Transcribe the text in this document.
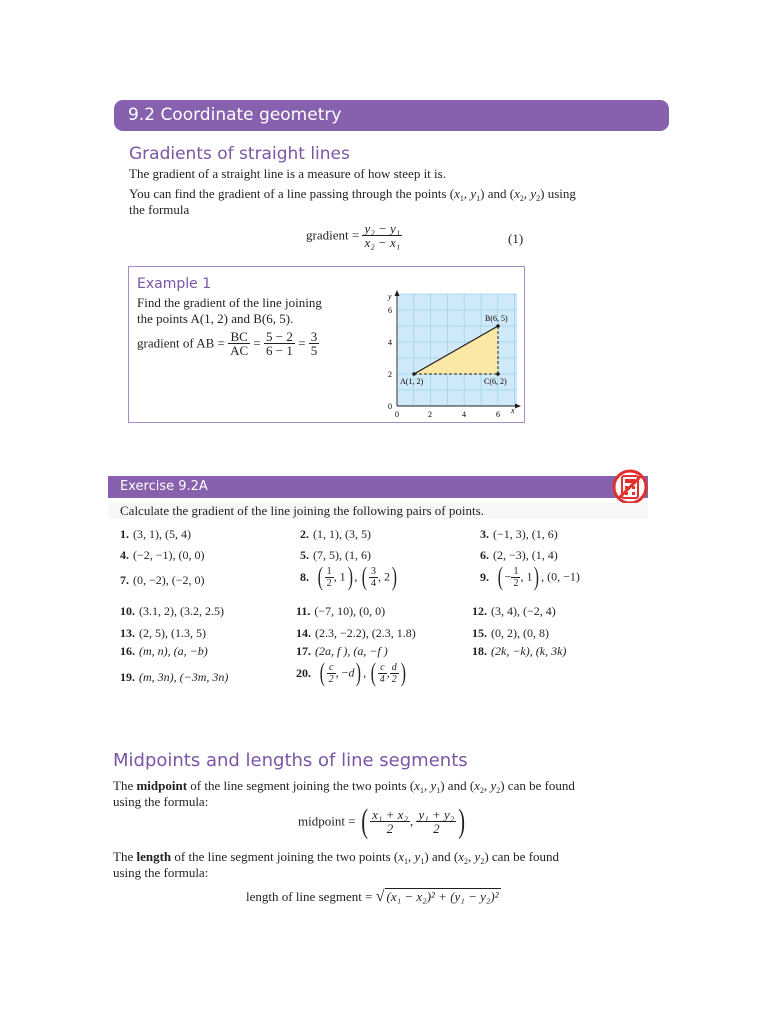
9.2 Coordinate geometry
Gradients of straight lines
The gradient of a straight line is a measure of how steep it is.
You can find the gradient of a line passing through the points ($x_1$, $y_1$) and ($x_2$, $y_2$) using
the formula
gradient = $\frac{\text{y₂ − y₁}}{\text{x₂ − x₁}}$	(1)
Example 1
Find the gradient of the line joining
the points A(1, 2) and B(6, 5).
gradient of AB = $\frac{BC}{AC} = \frac{5 - 2}{6 - 1} = \frac{3}{5}$
y
x
0
2
4
6
0	2	4	6
A(1, 2)
B(6, 5)
C(6, 2)
Exercise 9.2A
Calculate the gradient of the line joining the following pairs of points.
1. (3, 1), (5, 4)	2. (1, 1), (3, 5)	3. (−1, 3), (1, 6)
4. (−2, −1), (0, 0)	5. (7, 5), (1, 6)	6. (2, −3), (1, 4)
7. (0, −2), (−2, 0)	8. ( $\frac{1}{2}$ , 1) , ( $\frac{3}{4}$ , 2)	9. ( − $\frac{1}{2}$ , 1) , (0, −1)
10. (3.1, 2), (3.2, 2.5)	11. (−7, 10), (0, 0)	12. (3, 4), (−2, 4)
13. (2, 5), (1.3, 5)	14. (2.3, −2.2), (2.3, 1.8)	15. (0, 2), (0, 8)
16. (m, n), (a, −b)	17. (2a, f ), (a, −f )	18. (2k, −k), (k, 3k)
19. (m, 3n), (−3m, 3n)	20. ( $\frac{c}{2}$ , −d) , ( $\frac{c}{4}$ , $\frac{d}{2}$ )
Midpoints and lengths of line segments
The midpoint of the line segment joining the two points ($x_1$, $y_1$) and ($x_2$, $y_2$) can be found
using the formula:
midpoint = ( $\frac{\text{x₁ + x₂}}{2}$ , $\frac{\text{y₁ + y₂}}{2}$ )
The length of the line segment joining the two points ($x_1$, $y_1$) and ($x_2$, $y_2$) can be found
using the formula:
length of line segment = √ (x₁ − x₂)² + (y₁ − y₂)²
